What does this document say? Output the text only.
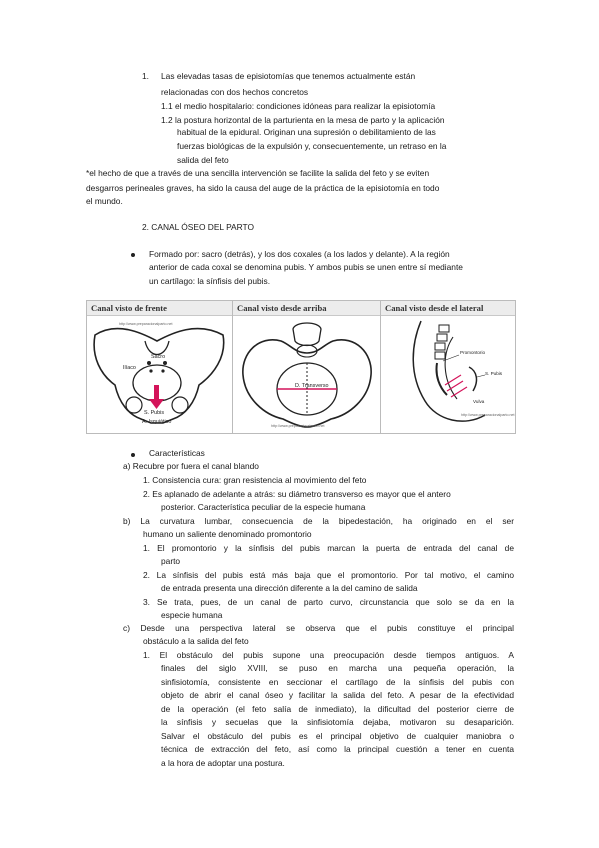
1. Las elevadas tasas de episiotomías que tenemos actualmente están
relacionadas con dos hechos concretos
1.1 el medio hospitalario: condiciones idóneas para realizar la episiotomía
1.2 la postura horizontal de la parturienta en la mesa de parto y la aplicación
habitual de la epidural. Originan una supresión o debilitamiento de las
fuerzas biológicas de la expulsión y, consecuentemente, un retraso en la
salida del feto
*el hecho de que a través de una sencilla intervención se facilite la salida del feto y se eviten
desgarros perineales graves, ha sido la causa del auge de la práctica de la episiotomía en todo
el mundo.
2. CANAL ÓSEO DEL PARTO
Formado por: sacro (detrás), y los dos coxales (a los lados y delante). A la región
anterior de cada coxal se denomina pubis. Y ambos pubis se unen entre sí mediante
un cartílago: la sínfisis del pubis.
Canal visto de frente
http://www.preparacionalparto.net
Ilíaco
Sacro
S. Pubis
A. Isquiático
Canal visto desde arriba
D. Transverso
http://www.preparacionalparto.net
Canal visto desde el lateral
Promontorio
S. Pubis
Vulva
http://www.preparacionalparto.net
Características
a) Recubre por fuera el canal blando
1. Consistencia cura: gran resistencia al movimiento del feto
2. Es aplanado de adelante a atrás: su diámetro transverso es mayor que el antero
posterior. Característica peculiar de la especie humana
b) La curvatura lumbar, consecuencia de la bipedestación, ha originado en el ser
humano un saliente denominado promontorio
1. El promontorio y la sínfisis del pubis marcan la puerta de entrada del canal de
parto
2. La sínfisis del pubis está más baja que el promontorio. Por tal motivo, el camino
de entrada presenta una dirección diferente a la del camino de salida
3. Se trata, pues, de un canal de parto curvo, circunstancia que solo se da en la
especie humana
c) Desde una perspectiva lateral se observa que el pubis constituye el principal
obstáculo a la salida del feto
1. El obstáculo del pubis supone una preocupación desde tiempos antiguos. A
finales del siglo XVIII, se puso en marcha una pequeña operación, la
sinfisiotomía, consistente en seccionar el cartílago de la sínfisis del pubis con
objeto de abrir el canal óseo y facilitar la salida del feto. A pesar de la efectividad
de la operación (el feto salía de inmediato), la dificultad del posterior cierre de
la sínfisis y secuelas que la sinfisiotomía dejaba, motivaron su desaparición.
Salvar el obstáculo del pubis es el principal objetivo de cualquier maniobra o
técnica de extracción del feto, así como la principal cuestión a tener en cuenta
a la hora de adoptar una postura.
